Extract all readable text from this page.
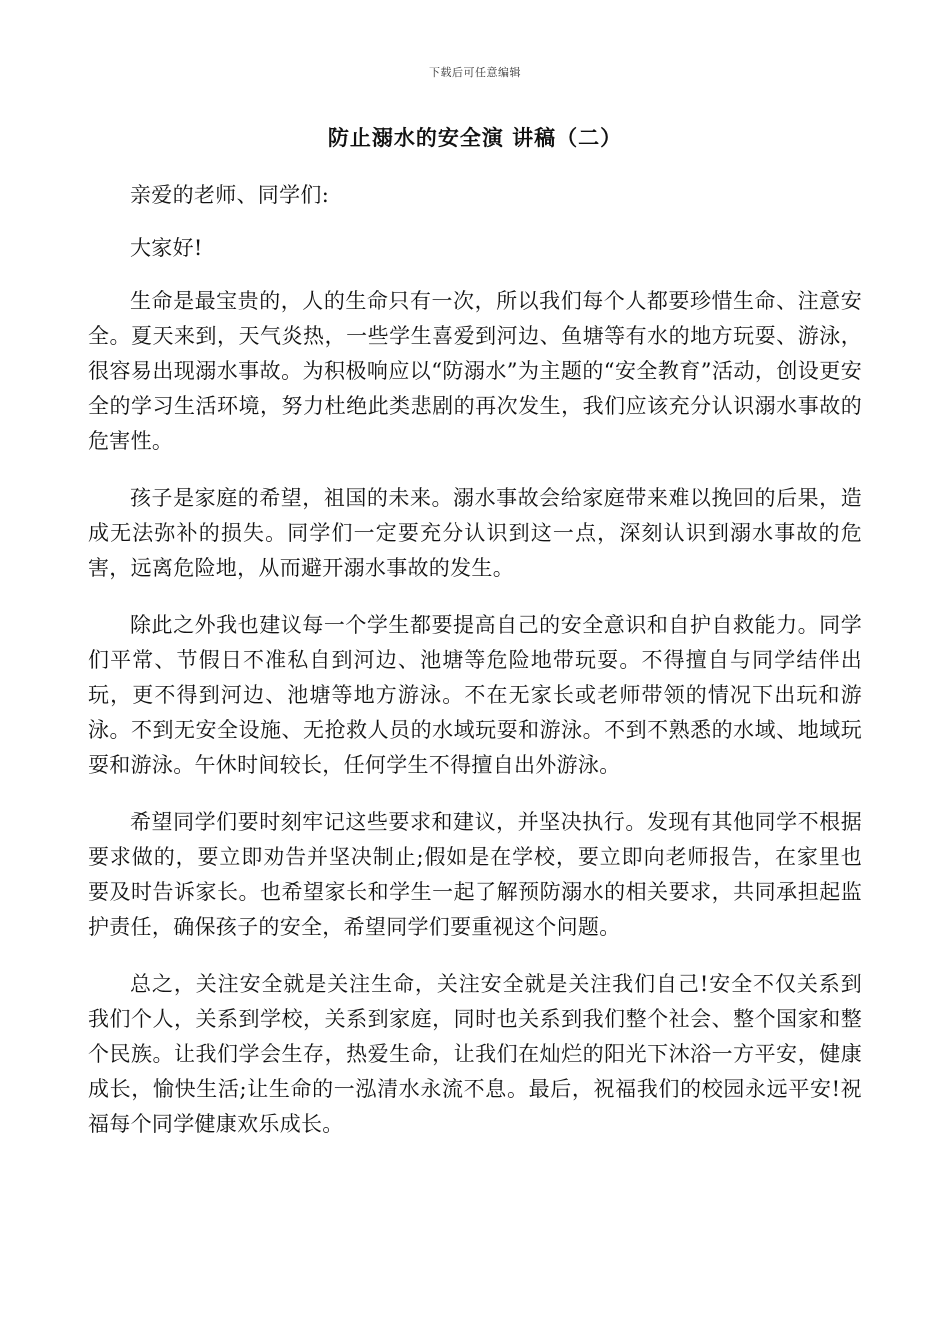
下载后可任意编辑
防止溺水的安全演 讲稿（二）

亲爱的老师、同学们:

大家好!

生命是最宝贵的，人的生命只有一次，所以我们每个人都要珍惜生命、注意安全。夏天来到，天气炎热，一些学生喜爱到河边、鱼塘等有水的地方玩耍、游泳，很容易出现溺水事故。为积极响应以“防溺水”为主题的“安全教育”活动，创设更安全的学习生活环境，努力杜绝此类悲剧的再次发生，我们应该充分认识溺水事故的危害性。

孩子是家庭的希望，祖国的未来。溺水事故会给家庭带来难以挽回的后果，造成无法弥补的损失。同学们一定要充分认识到这一点，深刻认识到溺水事故的危害，远离危险地，从而避开溺水事故的发生。

除此之外我也建议每一个学生都要提高自己的安全意识和自护自救能力。同学们平常、节假日不准私自到河边、池塘等危险地带玩耍。不得擅自与同学结伴出玩，更不得到河边、池塘等地方游泳。不在无家长或老师带领的情况下出玩和游泳。不到无安全设施、无抢救人员的水域玩耍和游泳。不到不熟悉的水域、地域玩耍和游泳。午休时间较长，任何学生不得擅自出外游泳。

希望同学们要时刻牢记这些要求和建议，并坚决执行。发现有其他同学不根据要求做的，要立即劝告并坚决制止;假如是在学校，要立即向老师报告，在家里也要及时告诉家长。也希望家长和学生一起了解预防溺水的相关要求，共同承担起监护责任，确保孩子的安全，希望同学们要重视这个问题。

总之，关注安全就是关注生命，关注安全就是关注我们自己!安全不仅关系到我们个人，关系到学校，关系到家庭，同时也关系到我们整个社会、整个国家和整个民族。让我们学会生存，热爱生命，让我们在灿烂的阳光下沐浴一方平安，健康成长，愉快生活;让生命的一泓清水永流不息。最后，祝福我们的校园永远平安!祝福每个同学健康欢乐成长。
